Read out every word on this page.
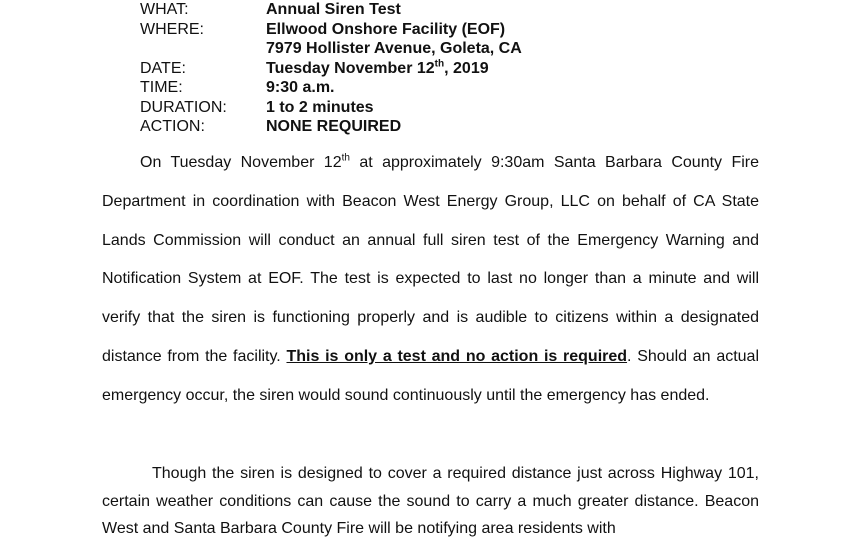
WHAT:	Annual Siren Test
WHERE:	Ellwood Onshore Facility (EOF)
	7979 Hollister Avenue, Goleta, CA
DATE:	Tuesday November 12th, 2019
TIME:	9:30 a.m.
DURATION:	1 to 2 minutes
ACTION:	NONE REQUIRED

On Tuesday November 12th at approximately 9:30am Santa Barbara County Fire Department in coordination with Beacon West Energy Group, LLC on behalf of CA State Lands Commission will conduct an annual full siren test of the Emergency Warning and Notification System at EOF. The test is expected to last no longer than a minute and will verify that the siren is functioning properly and is audible to citizens within a designated distance from the facility. This is only a test and no action is required. Should an actual emergency occur, the siren would sound continuously until the emergency has ended.

Though the siren is designed to cover a required distance just across Highway 101, certain weather conditions can cause the sound to carry a much greater distance. Beacon West and Santa Barbara County Fire will be notifying area residents with
